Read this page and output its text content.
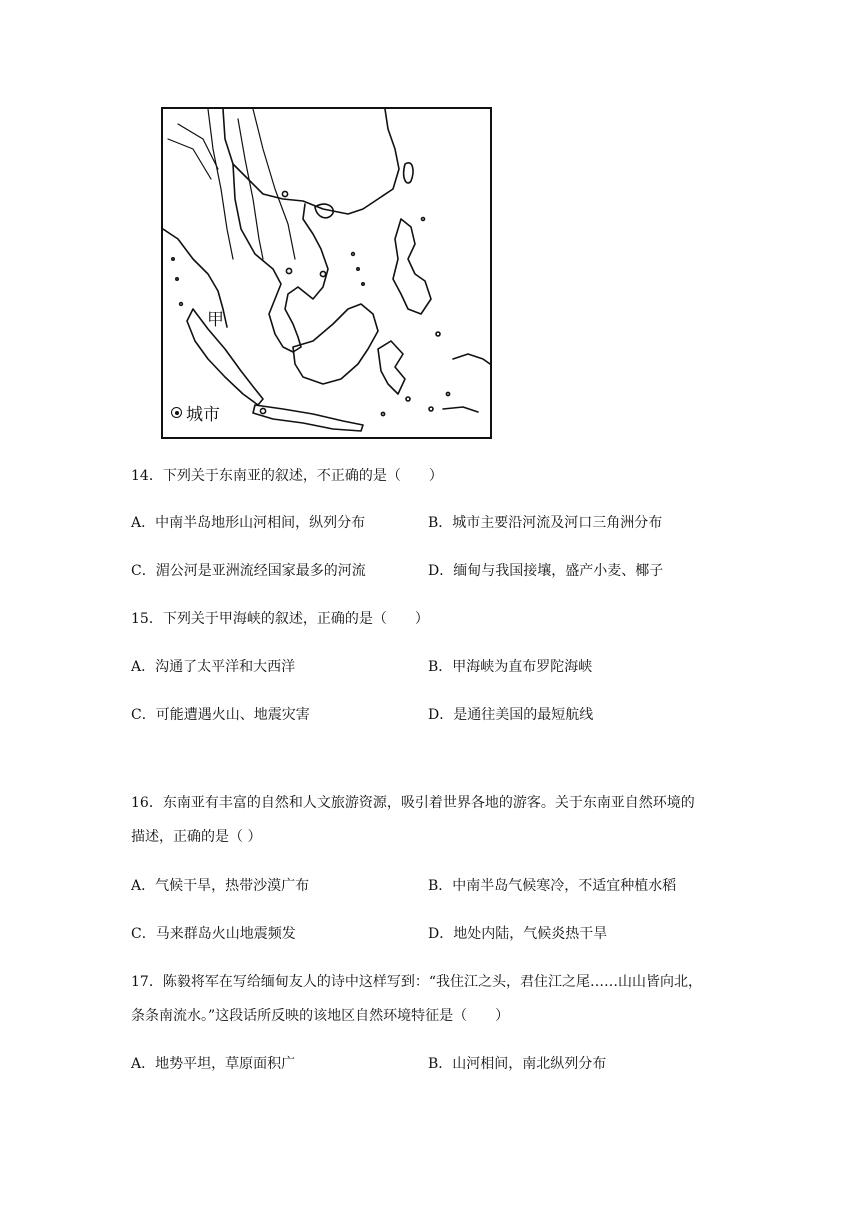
甲
城市
14．下列关于东南亚的叙述，不正确的是（　　）
A．中南半岛地形山河相间，纵列分布	B．城市主要沿河流及河口三角洲分布
C．湄公河是亚洲流经国家最多的河流	D．缅甸与我国接壤，盛产小麦、椰子
15．下列关于甲海峡的叙述，正确的是（　　）
A．沟通了太平洋和大西洋	B．甲海峡为直布罗陀海峡
C．可能遭遇火山、地震灾害	D．是通往美国的最短航线
16．东南亚有丰富的自然和人文旅游资源，吸引着世界各地的游客。关于东南亚自然环境的
描述，正确的是（ ）
A．气候干旱，热带沙漠广布	B．中南半岛气候寒冷，不适宜种植水稻
C．马来群岛火山地震频发	D．地处内陆，气候炎热干旱
17．陈毅将军在写给缅甸友人的诗中这样写到：“我住江之头，君住江之尾……山山皆向北，
条条南流水。”这段话所反映的该地区自然环境特征是（　　）
A．地势平坦，草原面积广	B．山河相间，南北纵列分布
